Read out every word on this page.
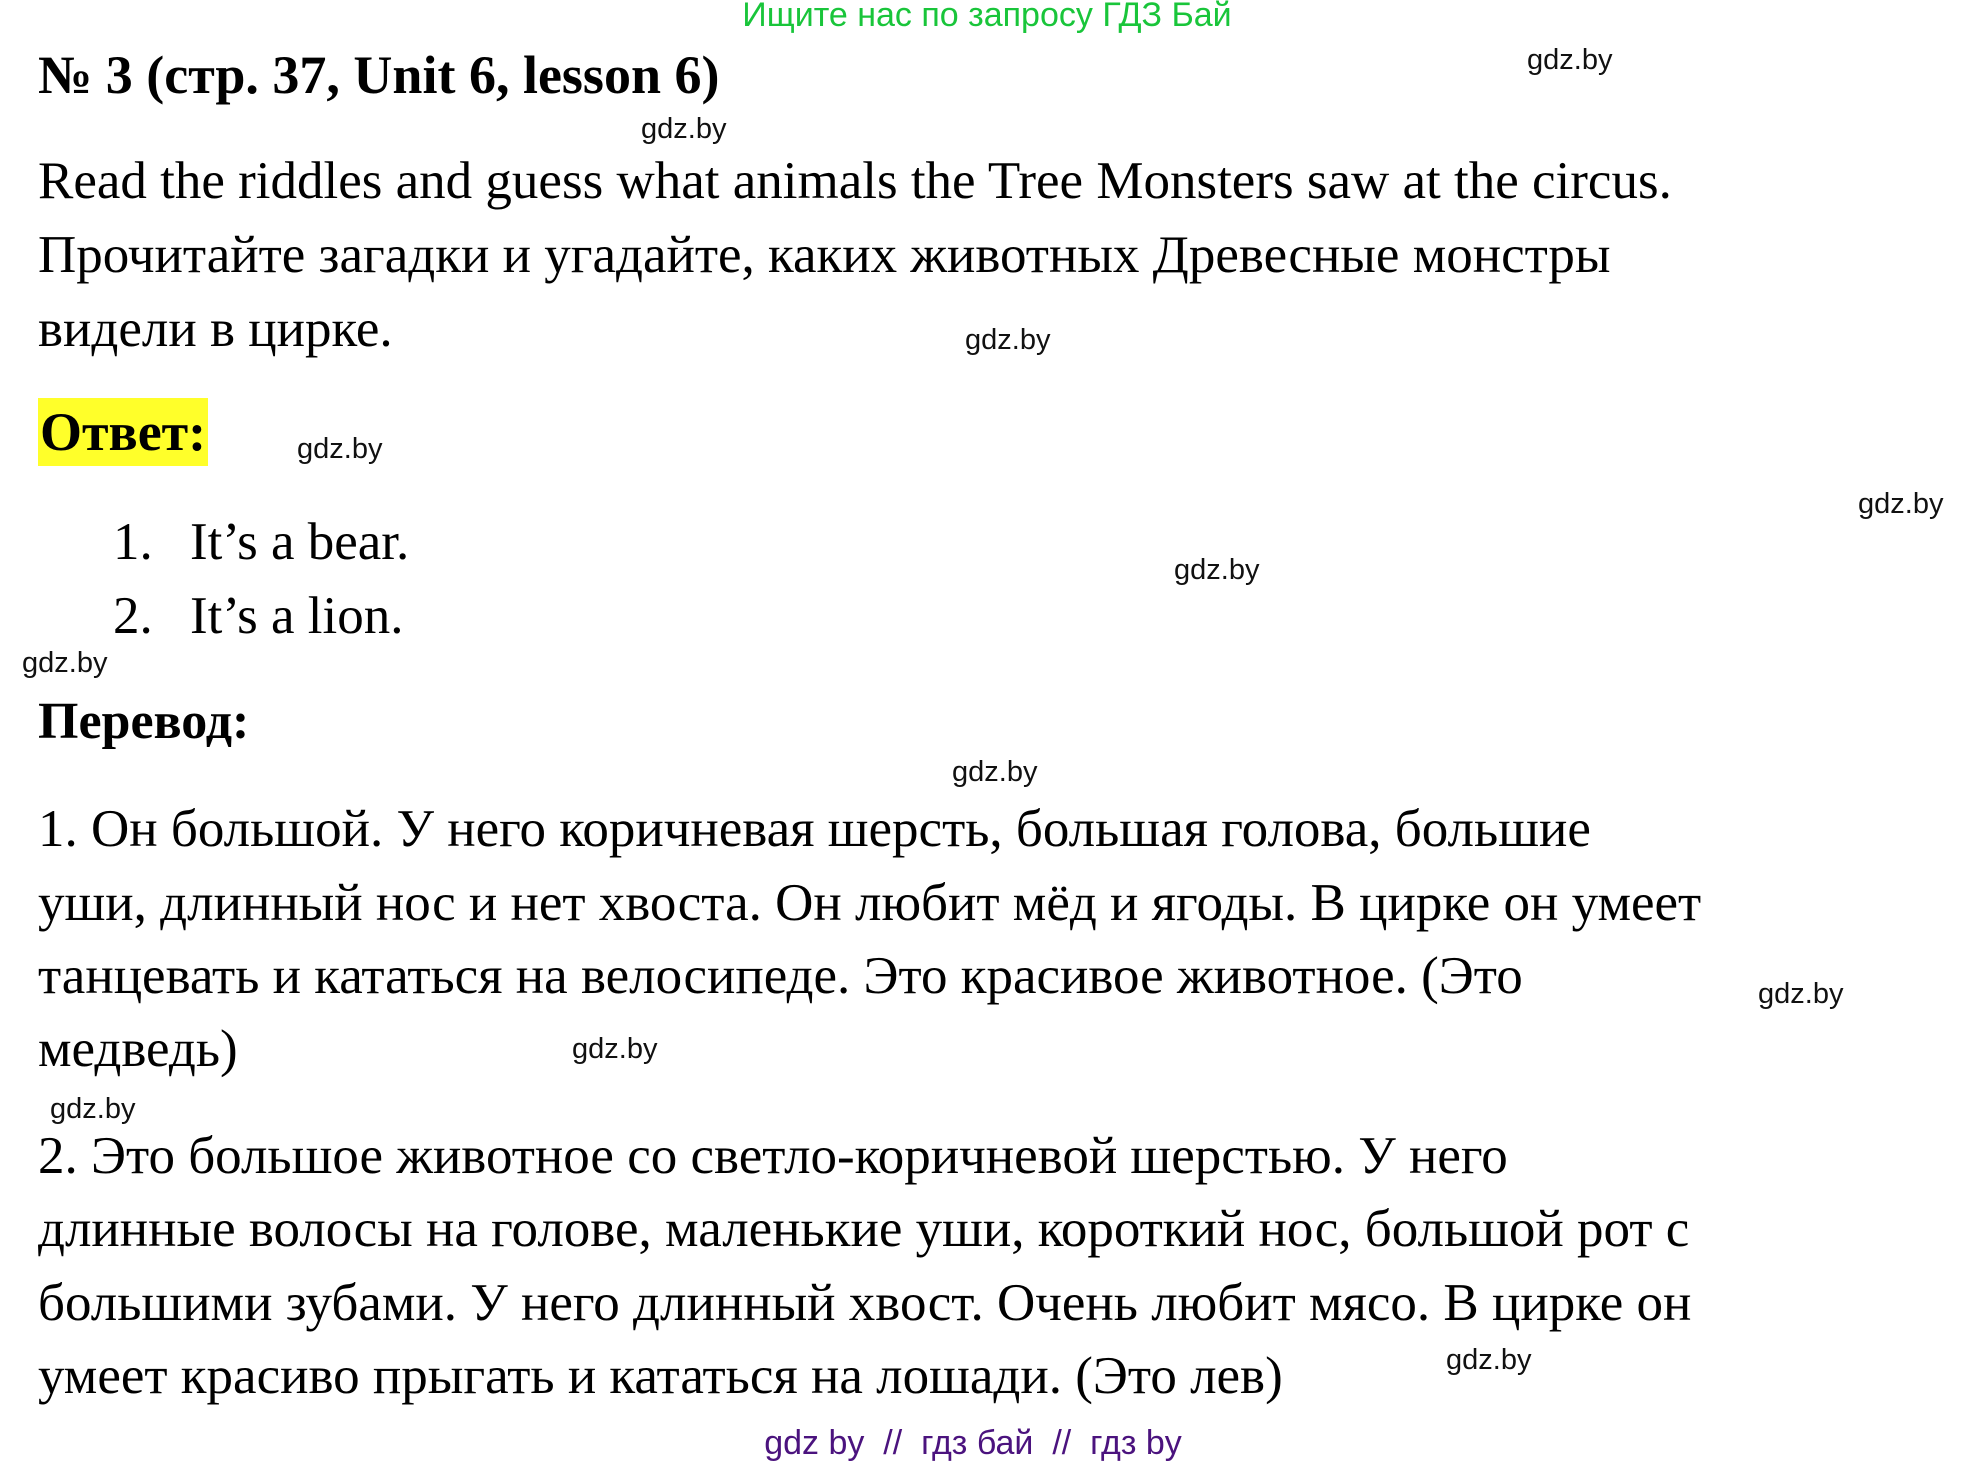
Ищите нас по запросу ГДЗ Бай
№ 3 (стр. 37, Unit 6, lesson 6)	gdz.by
gdz.by
Read the riddles and guess what animals the Tree Monsters saw at the circus.
Прочитайте загадки и угадайте, каких животных Древесные монстры
видели в цирке.	gdz.by
Ответ:	gdz.by
gdz.by
1. It’s a bear.	gdz.by
2. It’s a lion.
gdz.by
Перевод:
gdz.by
1. Он большой. У него коричневая шерсть, большая голова, большие
уши, длинный нос и нет хвоста. Он любит мёд и ягоды. В цирке он умеет
танцевать и кататься на велосипеде. Это красивое животное. (Это	gdz.by
медведь)	gdz.by
gdz.by
2. Это большое животное со светло-коричневой шерстью. У него
длинные волосы на голове, маленькие уши, короткий нос, большой рот с
большими зубами. У него длинный хвост. Очень любит мясо. В цирке он
умеет красиво прыгать и кататься на лошади. (Это лев)	gdz.by
gdz by  //  гдз бай  //  гдз by
